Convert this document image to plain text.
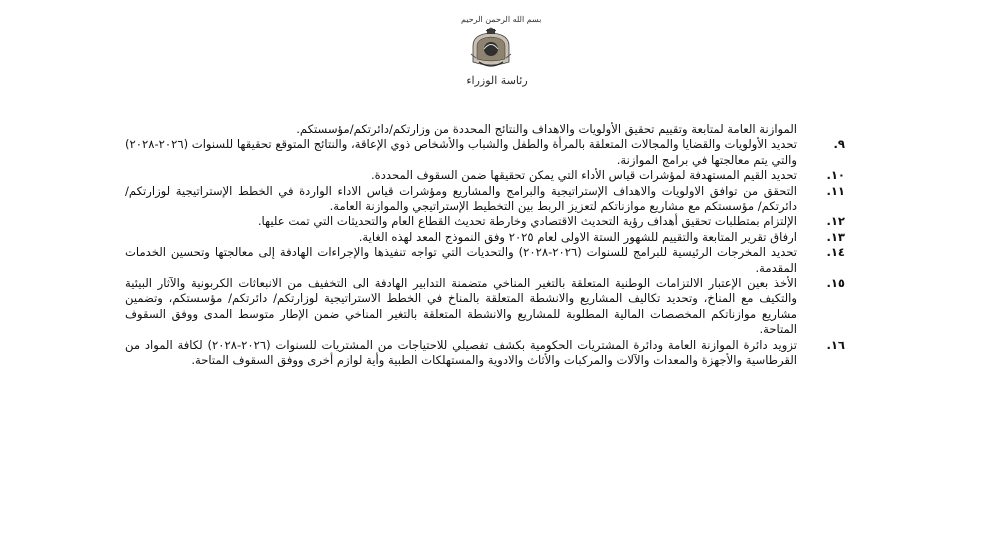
بسم الله الرحمن الرحيم
رئاسة الوزراء
الموازنة العامة لمتابعة وتقييم تحقيق الأولويات والاهداف والنتائج المحددة من وزارتكم/دائرتكم/مؤسستكم.
٩.
تحديد الأولويات والقضايا والمجالات المتعلقة بالمرأة والطفل والشباب والأشخاص ذوي الإعاقة، والنتائج المتوقع تحقيقها للسنوات (٢٠٢٦-٢٠٢٨) والتي يتم معالجتها في برامج الموازنة.
١٠.
تحديد القيم المستهدفة لمؤشرات قياس الأداء التي يمكن تحقيقها ضمن السقوف المحددة.
١١.
التحقق من توافق الاولويات والاهداف الإستراتيجية والبرامج والمشاريع ومؤشرات قياس الاداء الواردة في الخطط الإستراتيجية لوزارتكم/ دائرتكم/ مؤسستكم مع مشاريع موازناتكم لتعزيز الربط بين التخطيط الإستراتيجي والموازنة العامة.
١٢.
الإلتزام بمتطلبات تحقيق أهداف رؤية التحديث الاقتصادي وخارطة تحديث القطاع العام والتحديثات التي تمت عليها.
١٣.
ارفاق تقرير المتابعة والتقييم للشهور الستة الاولى لعام ٢٠٢٥ وفق النموذج المعد لهذه الغاية.
١٤.
تحديد المخرجات الرئيسية للبرامج للسنوات (٢٠٢٦-٢٠٢٨) والتحديات التي تواجه تنفيذها والإجراءات الهادفة إلى معالجتها وتحسين الخدمات المقدمة.
١٥.
الأخذ بعين الإعتبار الالتزامات الوطنية المتعلقة بالتغير المناخي متضمنة التدابير الهادفة الى التخفيف من الانبعاثات الكربونية والآثار البيئية والتكيف مع المناخ، وتحديد تكاليف المشاريع والانشطة المتعلقة بالمناخ في الخطط الاستراتيجية لوزارتكم/ دائرتكم/ مؤسستكم، وتضمين مشاريع موازناتكم المخصصات المالية المطلوبة للمشاريع والانشطة المتعلقة بالتغير المناخي ضمن الإطار متوسط المدى ووفق السقوف المتاحة.
١٦.
تزويد دائرة الموازنة العامة ودائرة المشتريات الحكومية بكشف تفصيلي للاحتياجات من المشتريات للسنوات (٢٠٢٦-٢٠٢٨) لكافة المواد من القرطاسية والأجهزة والمعدات والآلات والمركبات والأثاث والادوية والمستهلكات الطبية وأية لوازم أخرى ووفق السقوف المتاحة.
